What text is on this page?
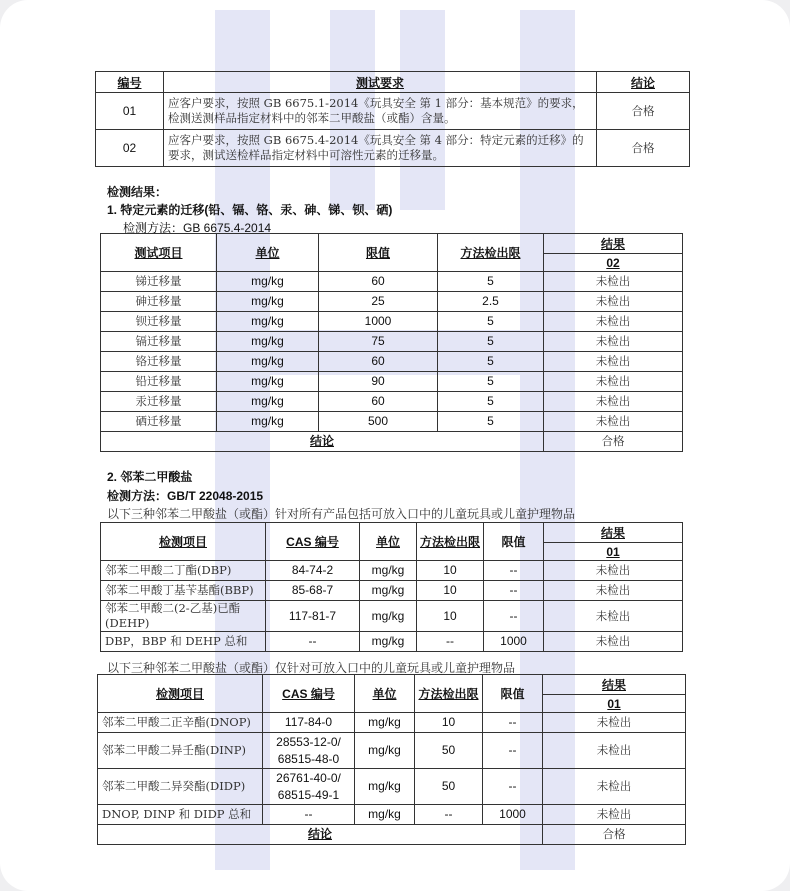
编号	测试要求	结论
01	应客户要求，按照 GB 6675.1-2014《玩具安全 第 1 部分：基本规范》的要求，检测送测样品指定材料中的邻苯二甲酸盐（或酯）含量。	合格
02	应客户要求，按照 GB 6675.4-2014《玩具安全 第 4 部分：特定元素的迁移》的要求，测试送检样品指定材料中可溶性元素的迁移量。	合格
检测结果：
1. 特定元素的迁移(铅、镉、铬、汞、砷、锑、钡、硒)
检测方法：GB 6675.4-2014
测试项目	单位	限值	方法检出限	结果
				02
锑迁移量	mg/kg	60	5	未检出
砷迁移量	mg/kg	25	2.5	未检出
钡迁移量	mg/kg	1000	5	未检出
镉迁移量	mg/kg	75	5	未检出
铬迁移量	mg/kg	60	5	未检出
铅迁移量	mg/kg	90	5	未检出
汞迁移量	mg/kg	60	5	未检出
硒迁移量	mg/kg	500	5	未检出
结论				合格
2. 邻苯二甲酸盐
检测方法：GB/T 22048-2015
以下三种邻苯二甲酸盐（或酯）针对所有产品包括可放入口中的儿童玩具或儿童护理物品
检测项目	CAS 编号	单位	方法检出限	限值	结果
					01
邻苯二甲酸二丁酯(DBP)	84-74-2	mg/kg	10	--	未检出
邻苯二甲酸丁基苄基酯(BBP)	85-68-7	mg/kg	10	--	未检出
邻苯二甲酸二(2-乙基)已酯(DEHP)	117-81-7	mg/kg	10	--	未检出
DBP，BBP 和 DEHP 总和	--	mg/kg	--	1000	未检出
以下三种邻苯二甲酸盐（或酯）仅针对可放入口中的儿童玩具或儿童护理物品
检测项目	CAS 编号	单位	方法检出限	限值	结果
					01
邻苯二甲酸二正辛酯(DNOP)	117-84-0	mg/kg	10	--	未检出
邻苯二甲酸二异壬酯(DINP)	28553-12-0/
68515-48-0	mg/kg	50	--	未检出
邻苯二甲酸二异癸酯(DIDP)	26761-40-0/
68515-49-1	mg/kg	50	--	未检出
DNOP, DINP 和 DIDP 总和	--	mg/kg	--	1000	未检出
结论					合格
